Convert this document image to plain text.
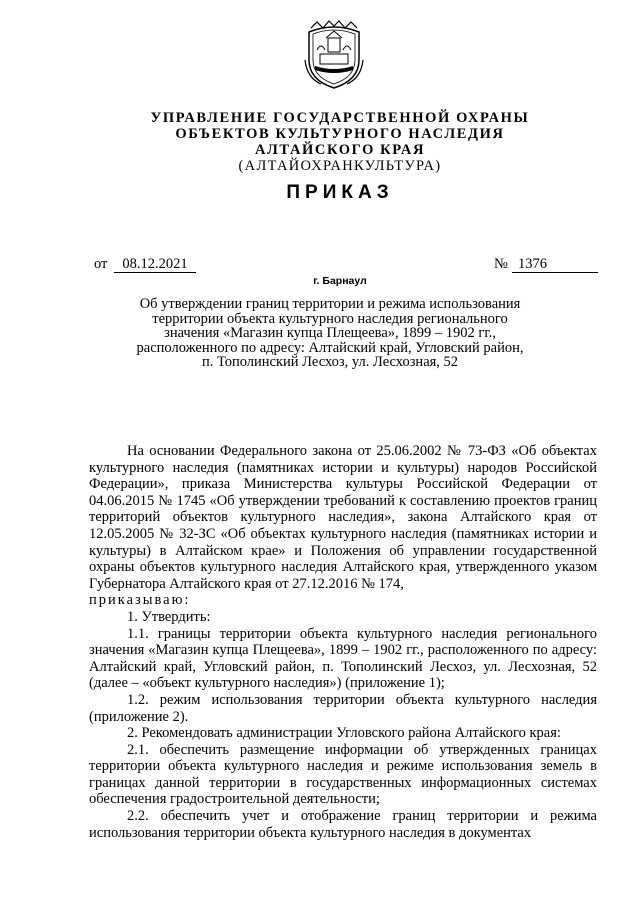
УПРАВЛЕНИЕ ГОСУДАРСТВЕННОЙ ОХРАНЫ
ОБЪЕКТОВ КУЛЬТУРНОГО НАСЛЕДИЯ
АЛТАЙСКОГО КРАЯ
(АЛТАЙОХРАНКУЛЬТУРА)
ПРИКАЗ
от	08.12.2021	№ 1376
г. Барнаул
Об утверждении границ территории и режима использования
территории объекта культурного наследия регионального
значения «Магазин купца Плещеева», 1899 – 1902 гг.,
расположенного по адресу: Алтайский край, Угловский район,
п. Тополинский Лесхоз, ул. Лесхозная, 52

На основании Федерального закона от 25.06.2002 № 73-ФЗ «Об объектах культурного наследия (памятниках истории и культуры) народов Российской Федерации», приказа Министерства культуры Российской Федерации от 04.06.2015 № 1745 «Об утверждении требований к составлению проектов границ территорий объектов культурного наследия», закона Алтайского края от 12.05.2005 № 32-ЗС «Об объектах культурного наследия (памятниках истории и культуры) в Алтайском крае» и Положения об управлении государственной охраны объектов культурного наследия Алтайского края, утвержденного указом Губернатора Алтайского края от 27.12.2016 № 174,

приказываю:

1. Утвердить:

1.1. границы территории объекта культурного наследия регионального значения «Магазин купца Плещеева», 1899 – 1902 гг., расположенного по адресу: Алтайский край, Угловский район, п. Тополинский Лесхоз, ул. Лесхозная, 52 (далее – «объект культурного наследия») (приложение 1);

1.2. режим использования территории объекта культурного наследия (приложение 2).

2. Рекомендовать администрации Угловского района Алтайского края:

2.1. обеспечить размещение информации об утвержденных границах территории объекта культурного наследия и режиме использования земель в границах данной территории в государственных информационных системах обеспечения градостроительной деятельности;

2.2. обеспечить учет и отображение границ территории и режима использования территории объекта культурного наследия в документах
